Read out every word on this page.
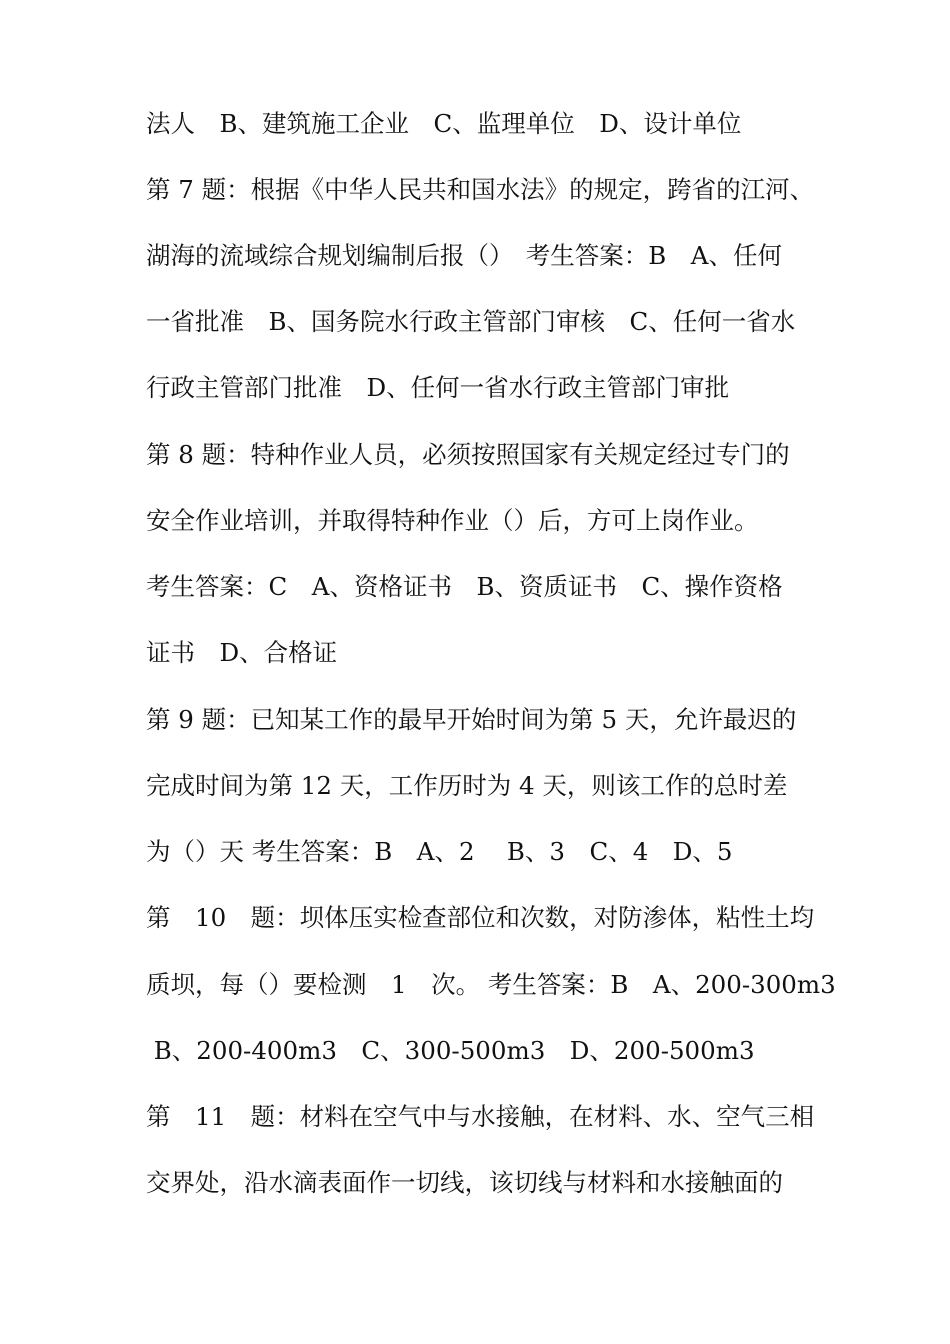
法人　B、建筑施工企业　C、监理单位　D、设计单位
第 7 题：根据《中华人民共和国水法》的规定，跨省的江河、
湖海的流域综合规划编制后报（）　考生答案：B　A、任何
一省批准　B、国务院水行政主管部门审核　C、任何一省水
行政主管部门批准　D、任何一省水行政主管部门审批
第 8 题：特种作业人员，必须按照国家有关规定经过专门的
安全作业培训，并取得特种作业（）后，方可上岗作业。
考生答案：C　A、资格证书　B、资质证书　C、操作资格
证书　D、合格证
第 9 题：已知某工作的最早开始时间为第 5 天，允许最迟的
完成时间为第 12 天，工作历时为 4 天，则该工作的总时差
为（）天 考生答案：B　A、2　 B、3　C、4　D、5
第　10　题：坝体压实检查部位和次数，对防渗体，粘性土均
质坝，每（）要检测　1　次。 考生答案：B　A、200-300m3
B、200-400m3　C、300-500m3　D、200-500m3
第　11　题：材料在空气中与水接触，在材料、水、空气三相
交界处，沿水滴表面作一切线，该切线与材料和水接触面的
